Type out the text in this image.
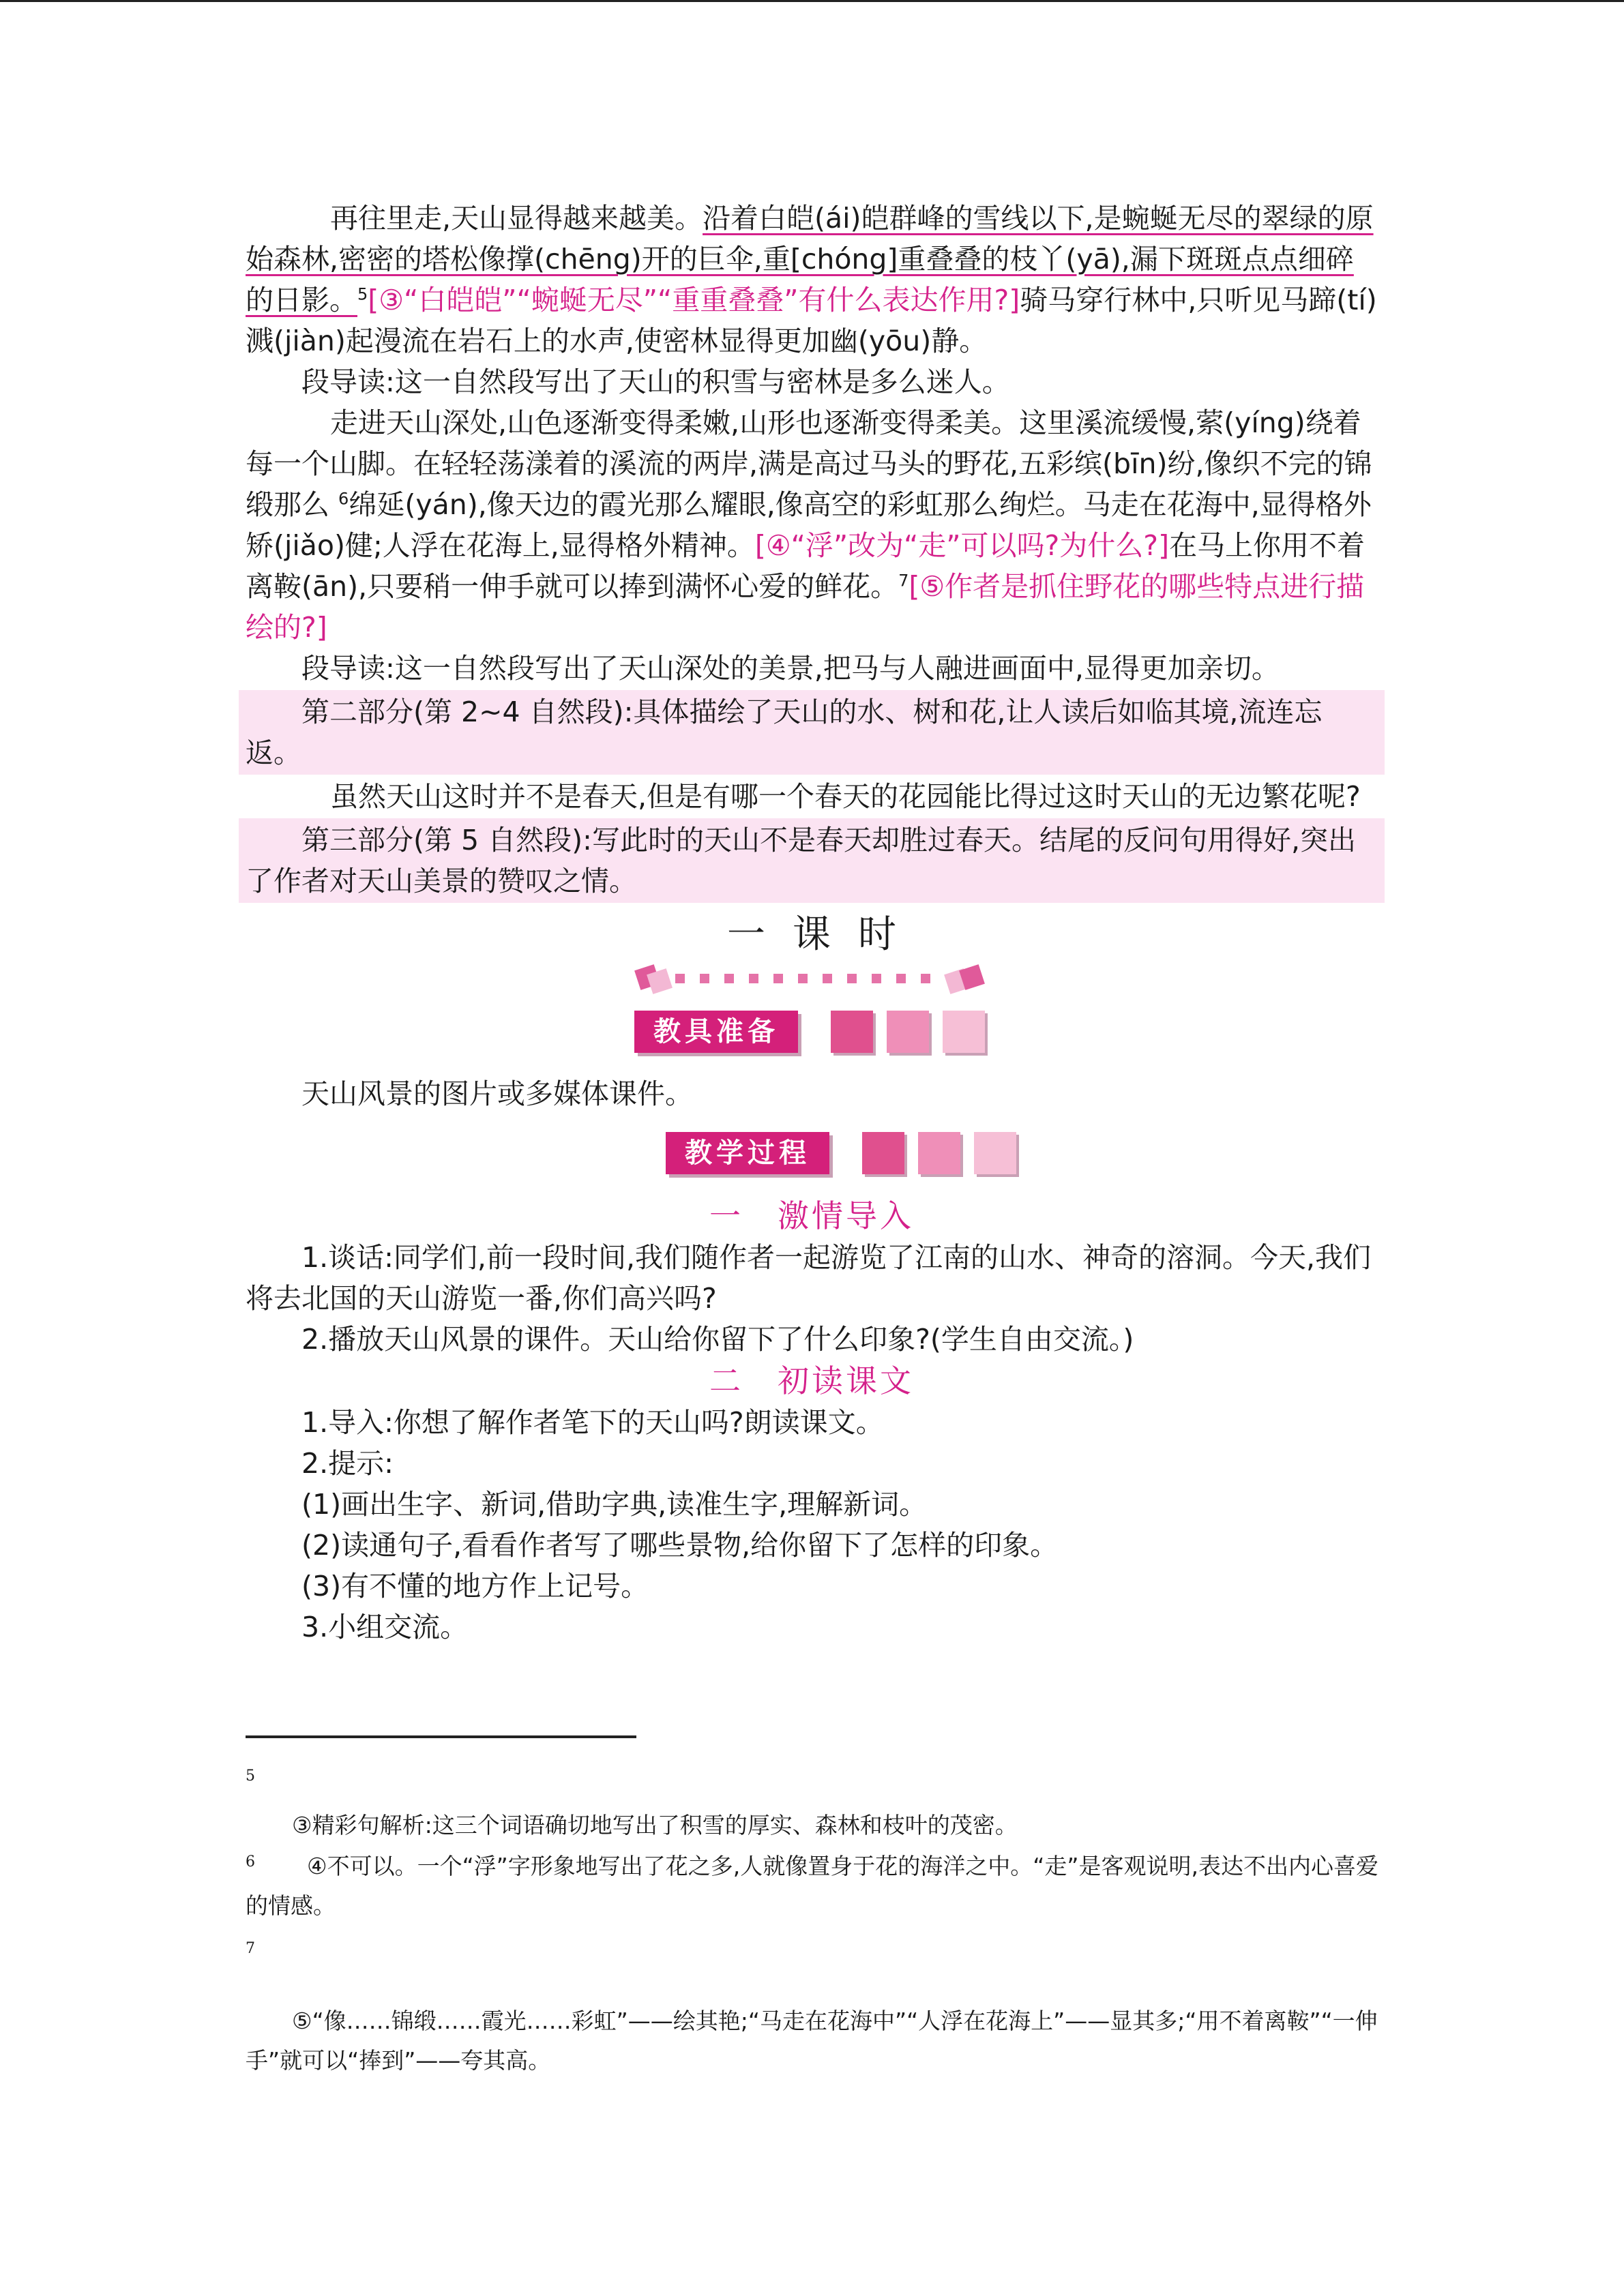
再往里走,天山显得越来越美。沿着白皑(ái)皑群峰的雪线以下,是蜿蜒无尽的翠绿的原始森林,密密的塔松像撑(chēng)开的巨伞,重[chóng]重叠叠的枝丫(yā),漏下斑斑点点细碎的日影。$^5$[③“白皑皑”“蜿蜒无尽”“重重叠叠”有什么表达作用?]骑马穿行林中,只听见马蹄(tí)溅(jiàn)起漫流在岩石上的水声,使密林显得更加幽(yōu)静。

段导读:这一自然段写出了天山的积雪与密林是多么迷人。

走进天山深处,山色逐渐变得柔嫩,山形也逐渐变得柔美。这里溪流缓慢,萦(yíng)绕着每一个山脚。在轻轻荡漾着的溪流的两岸,满是高过马头的野花,五彩缤(bīn)纷,像织不完的锦缎那么 $^6$绵延(yán),像天边的霞光那么耀眼,像高空的彩虹那么绚烂。马走在花海中,显得格外矫(jiǎo)健;人浮在花海上,显得格外精神。[④“浮”改为“走”可以吗?为什么?]在马上你用不着离鞍(ān),只要稍一伸手就可以捧到满怀心爱的鲜花。$^7$[⑤作者是抓住野花的哪些特点进行描绘的?]

段导读:这一自然段写出了天山深处的美景,把马与人融进画面中,显得更加亲切。

第二部分(第 2~4 自然段):具体描绘了天山的水、树和花,让人读后如临其境,流连忘返。

虽然天山这时并不是春天,但是有哪一个春天的花园能比得过这时天山的无边繁花呢?

第三部分(第 5 自然段):写此时的天山不是春天却胜过春天。结尾的反问句用得好,突出了作者对天山美景的赞叹之情。

一课时
教具准备

天山风景的图片或多媒体课件。

教学过程

一　激情导入

1.谈话:同学们,前一段时间,我们随作者一起游览了江南的山水、神奇的溶洞。今天,我们将去北国的天山游览一番,你们高兴吗?

2.播放天山风景的课件。天山给你留下了什么印象?(学生自由交流。)

二　初读课文

1.导入:你想了解作者笔下的天山吗?朗读课文。

2.提示:

(1)画出生字、新词,借助字典,读准生字,理解新词。

(2)读通句子,看看作者写了哪些景物,给你留下了怎样的印象。

(3)有不懂的地方作上记号。

3.小组交流。

5
③精彩句解析:这三个词语确切地写出了积雪的厚实、森林和枝叶的茂密。
6	④不可以。一个“浮”字形象地写出了花之多,人就像置身于花的海洋之中。“走”是客观说明,表达不出内心喜爱的情感。
7
⑤“像……锦缎……霞光……彩虹”——绘其艳;“马走在花海中”“人浮在花海上”——显其多;“用不着离鞍”“一伸手”就可以“捧到”——夸其高。
